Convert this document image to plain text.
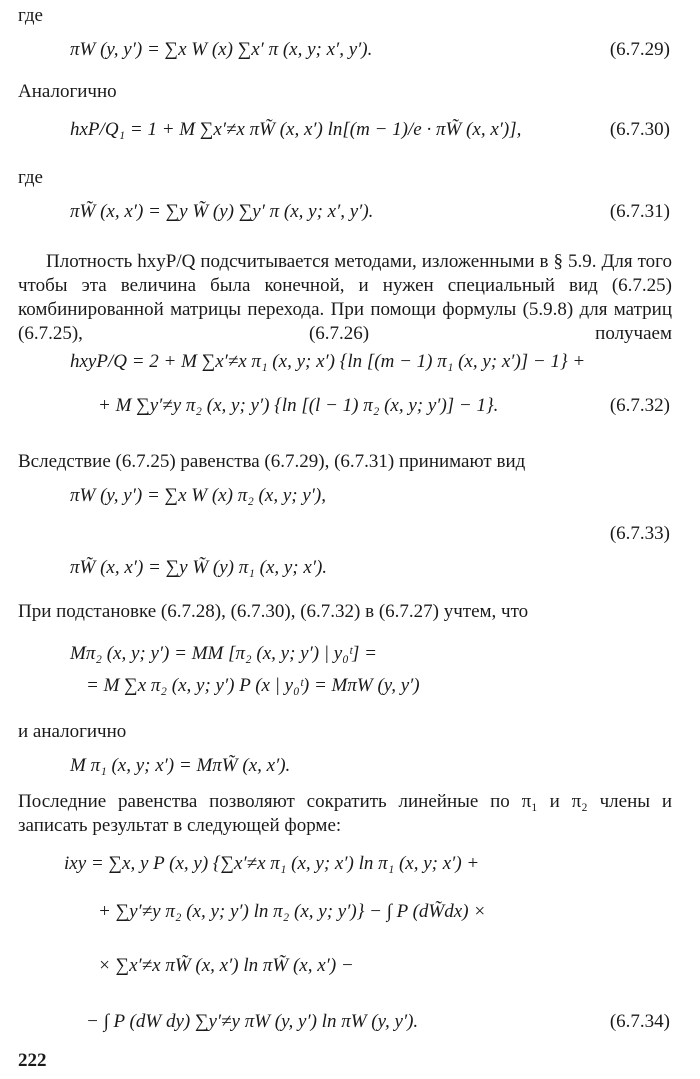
где
πW (y, y′) = ∑x W (x) ∑x′ π (x, y; x′, y′).	(6.7.29)
Аналогично
hxP/Q₁ = 1 + M ∑x′≠x πW̃ (x, x′) ln[(m − 1)/e · πW̃ (x, x′)],	(6.7.30)
где
πW̃ (x, x′) = ∑y W̃ (y) ∑y′ π (x, y; x′, y′).	(6.7.31)
Плотность hxyP/Q подсчитывается методами, изложенными в § 5.9. Для того чтобы эта величина была конечной, и нужен специальный вид (6.7.25) комбинированной матрицы перехода. При помощи формулы (5.9.8) для матриц (6.7.25), (6.7.26) получаем
hxyP/Q = 2 + M ∑x′≠x π₁ (x, y; x′) {ln [(m − 1) π₁ (x, y; x′)] − 1} +
+ M ∑y′≠y π₂ (x, y; y′) {ln [(l − 1) π₂ (x, y; y′)] − 1}.	(6.7.32)
Вследствие (6.7.25) равенства (6.7.29), (6.7.31) принимают вид
πW (y, y′) = ∑x W (x) π₂ (x, y; y′),
(6.7.33)
πW̃ (x, x′) = ∑y W̃ (y) π₁ (x, y; x′).
При подстановке (6.7.28), (6.7.30), (6.7.32) в (6.7.27) учтем, что
Mπ₂ (x, y; y′) = MM [π₂ (x, y; y′) | y₀ᵗ] =
= M ∑x π₂ (x, y; y′) P (x | y₀ᵗ) = MπW (y, y′)
и аналогично
M π₁ (x, y; x′) = MπW̃ (x, x′).
Последние равенства позволяют сократить линейные по π₁ и π₂ члены и записать результат в следующей форме:
ixy = ∑x, y P (x, y) {∑x′≠x π₁ (x, y; x′) ln π₁ (x, y; x′) +
+ ∑y′≠y π₂ (x, y; y′) ln π₂ (x, y; y′)} − ∫ P (dW̃dx) ×
× ∑x′≠x πW̃ (x, x′) ln πW̃ (x, x′) −
− ∫ P (dW dy) ∑y′≠y πW (y, y′) ln πW (y, y′).	(6.7.34)
222
